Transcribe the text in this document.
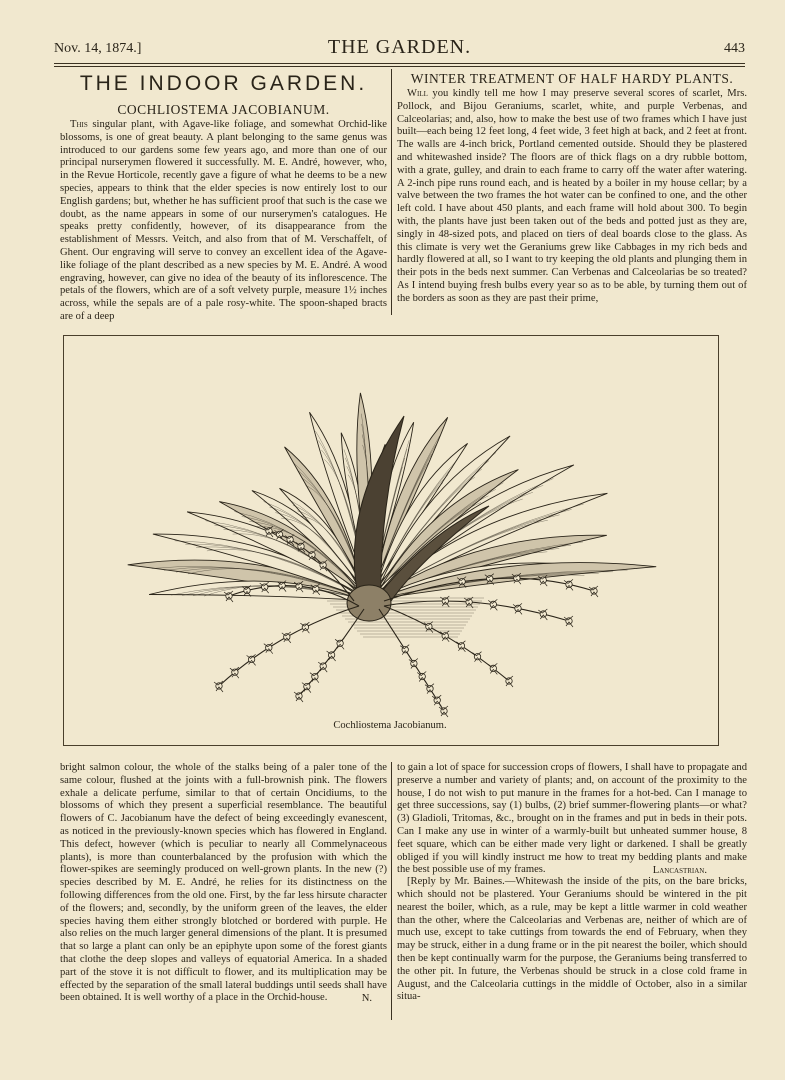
Nov. 14, 1874.]	THE GARDEN.	443
THE INDOOR GARDEN.
COCHLIOSTEMA JACOBIANUM.

This singular plant, with Agave-like foliage, and somewhat Orchid-like blossoms, is one of great beauty. A plant belonging to the same genus was introduced to our gardens some few years ago, and more than one of our principal nurserymen flowered it successfully. M. E. André, however, who, in the Revue Horticole, recently gave a figure of what he deems to be a new species, appears to think that the elder species is now entirely lost to our English gardens; but, whether he has sufficient proof that such is the case we doubt, as the name appears in some of our nurserymen's catalogues. He speaks pretty confidently, however, of its disappearance from the establishment of Messrs. Veitch, and also from that of M. Verschaffelt, of Ghent. Our engraving will serve to convey an excellent idea of the Agave-like foliage of the plant described as a new species by M. E. André. A wood engraving, however, can give no idea of the beauty of its inflorescence. The petals of the flowers, which are of a soft velvety purple, measure 1½ inches across, while the sepals are of a pale rosy-white. The spoon-shaped bracts are of a deep

WINTER TREATMENT OF HALF HARDY PLANTS.

Will you kindly tell me how I may preserve several scores of scarlet, Mrs. Pollock, and Bijou Geraniums, scarlet, white, and purple Verbenas, and Calceolarias; and, also, how to make the best use of two frames which I have just built—each being 12 feet long, 4 feet wide, 3 feet high at back, and 2 feet at front. The walls are 4-inch brick, Portland cemented outside. Should they be plastered and whitewashed inside? The floors are of thick flags on a dry rubble bottom, with a grate, gulley, and drain to each frame to carry off the water after watering. A 2-inch pipe runs round each, and is heated by a boiler in my house cellar; by a valve between the two frames the hot water can be confined to one, and the other left cold. I have about 450 plants, and each frame will hold about 300. To begin with, the plants have just been taken out of the beds and potted just as they are, singly in 48-sized pots, and placed on tiers of deal boards close to the glass. As this climate is very wet the Geraniums grew like Cabbages in my rich beds and hardly flowered at all, so I want to try keeping the old plants and plunging them in their pots in the beds next summer. Can Verbenas and Calceolarias be so treated? As I intend buying fresh bulbs every year so as to be able, by turning them out of the borders as soon as they are past their prime,

Cochliostema Jacobianum.

bright salmon colour, the whole of the stalks being of a paler tone of the same colour, flushed at the joints with a full-brownish pink. The flowers exhale a delicate perfume, similar to that of certain Oncidiums, to the blossoms of which they present a superficial resemblance. The beautiful flowers of C. Jacobianum have the defect of being exceedingly evanescent, as noticed in the previously-known species which has flowered in England. This defect, however (which is peculiar to nearly all Commelynaceous plants), is more than counterbalanced by the profusion with which the flower-spikes are seemingly produced on well-grown plants. In the new (?) species described by M. E. André, he relies for its distinctness on the following differences from the old one. First, by the far less hirsute character of the flowers; and, secondly, by the uniform green of the leaves, the elder species having them either strongly blotched or bordered with purple. He also relies on the much larger general dimensions of the plant. It is presumed that so large a plant can only be an epiphyte upon some of the forest giants that clothe the deep slopes and valleys of equatorial America. In a shaded part of the stove it is not difficult to flower, and its multiplication may be effected by the separation of the small lateral buddings until seeds shall have been obtained. It is well worthy of a place in the Orchid-house.	N.

to gain a lot of space for succession crops of flowers, I shall have to propagate and preserve a number and variety of plants; and, on account of the proximity to the house, I do not wish to put manure in the frames for a hot-bed. Can I manage to get three successions, say (1) bulbs, (2) brief summer-flowering plants—or what? (3) Gladioli, Tritomas, &c., brought on in the frames and put in beds in their pots. Can I make any use in winter of a warmly-built but unheated summer house, 8 feet square, which can be either made very light or darkened. I shall be greatly obliged if you will kindly instruct me how to treat my bedding plants and make the best possible use of my frames.	Lancastrian.

[Reply by Mr. Baines.—Whitewash the inside of the pits, on the bare bricks, which should not be plastered. Your Geraniums should be wintered in the pit nearest the boiler, which, as a rule, may be kept a little warmer in cold weather than the other, where the Calceolarias and Verbenas are, neither of which are of much use, except to take cuttings from towards the end of February, when they may be struck, either in a dung frame or in the pit nearest the boiler, which should then be kept continually warm for the purpose, the Geraniums being transferred to the other pit. In future, the Verbenas should be struck in a close cold frame in August, and the Calceolaria cuttings in the middle of October, also in a similar situa-
